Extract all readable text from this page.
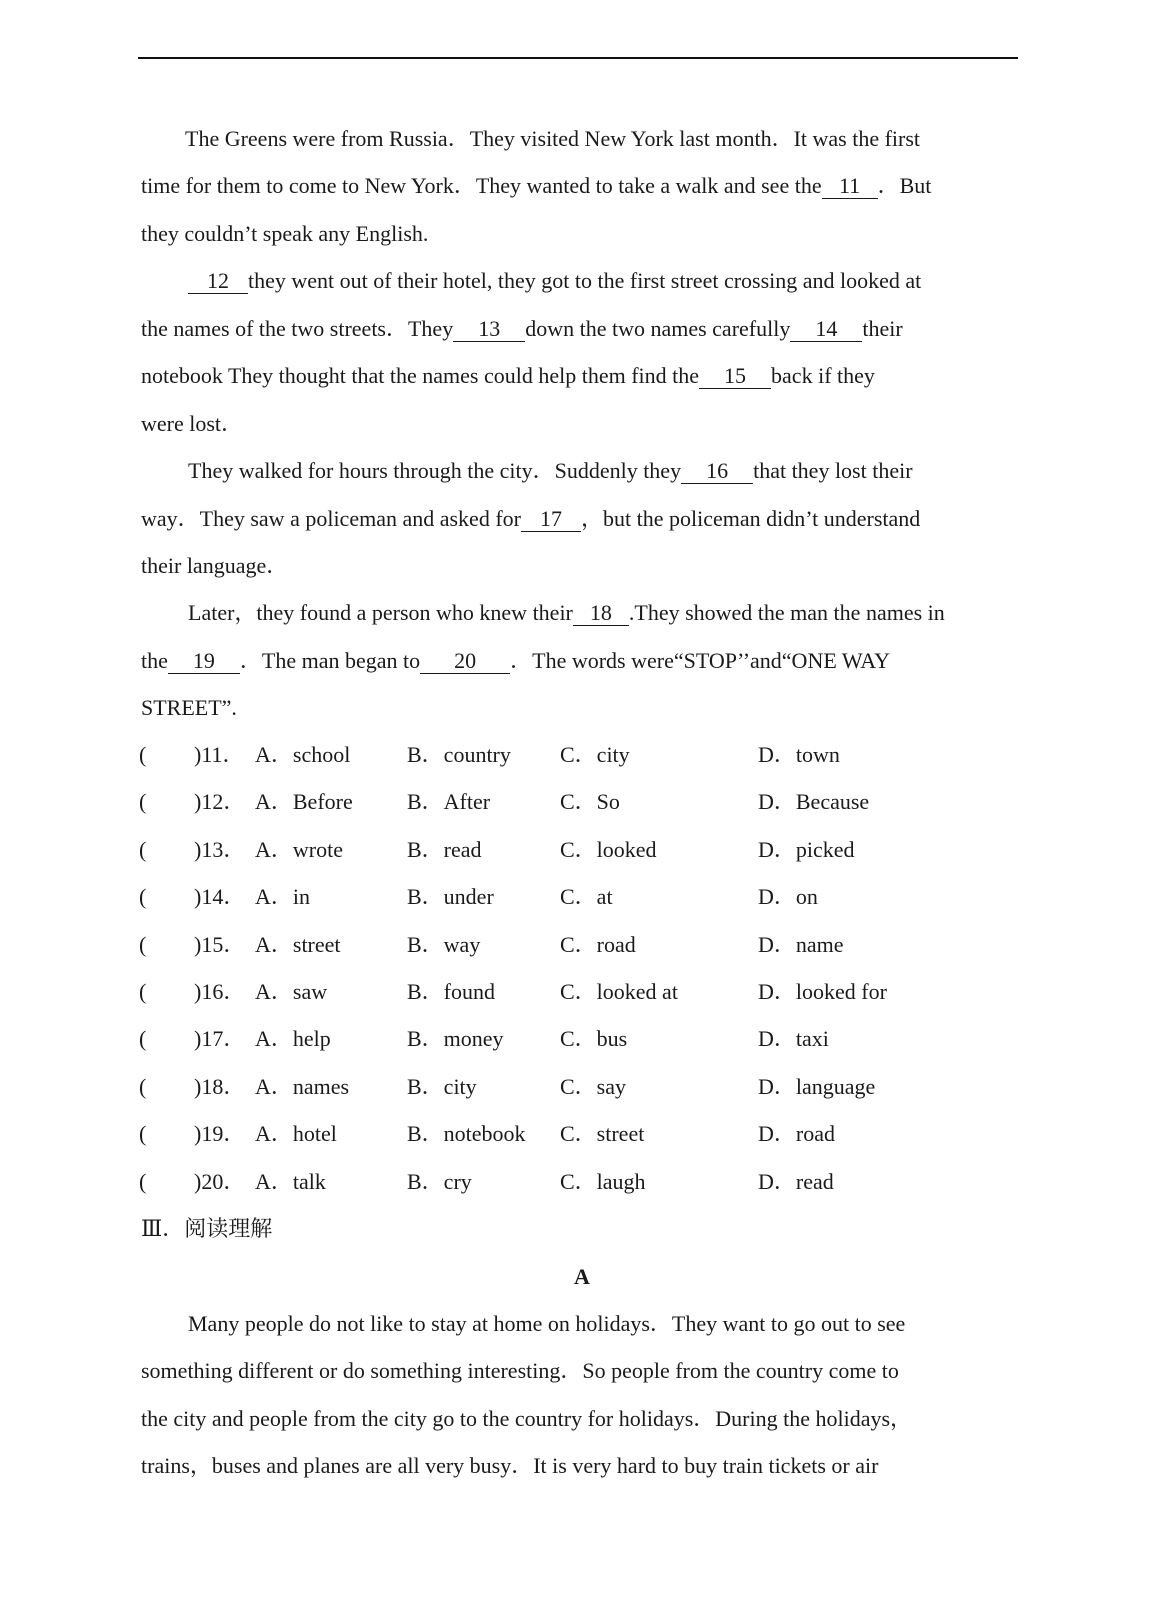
The Greens were from Russia．They visited New York last month．It was the first
time for them to come to New York．They wanted to take a walk and see the 11 ．But
they couldn’t speak any English.
12 they went out of their hotel, they got to the first street crossing and looked at
the names of the two streets．They 13 down the two names carefully 14 their
notebook They thought that the names could help them find the 15 back if they
were lost．
They walked for hours through the city．Suddenly they 16 that they lost their
way．They saw a policeman and asked for 17 ，but the policeman didn’t understand
their language．
Later，they found a person who knew their 18 .They showed the man the names in
the 19 ．The man began to 20 ．The words were“STOP’’and“ONE WAY
STREET”.
( )11． A．school	B．country C．city	D．town
( )12． A．Before B．After	C．So	D．Because
( )13． A．wrote	B．read	C．looked	D．picked
( )14． A．in	B．under	C．at	D．on
( )15． A．street	B．way	C．road	D．name
( )16． A．saw	B．found	C．looked at	D．looked for
( )17． A．help	B．money	C．bus	D．taxi
( )18． A．names	B．city	C．say	D．language
( )19． A．hotel	B．notebook C．street	D．road
( )20． A．talk	B．cry	C．laugh	D．read
Ⅲ．阅读理解
A
Many people do not like to stay at home on holidays．They want to go out to see
something different or do something interesting．So people from the country come to
the city and people from the city go to the country for holidays．During the holidays，
trains，buses and planes are all very busy．It is very hard to buy train tickets or air
